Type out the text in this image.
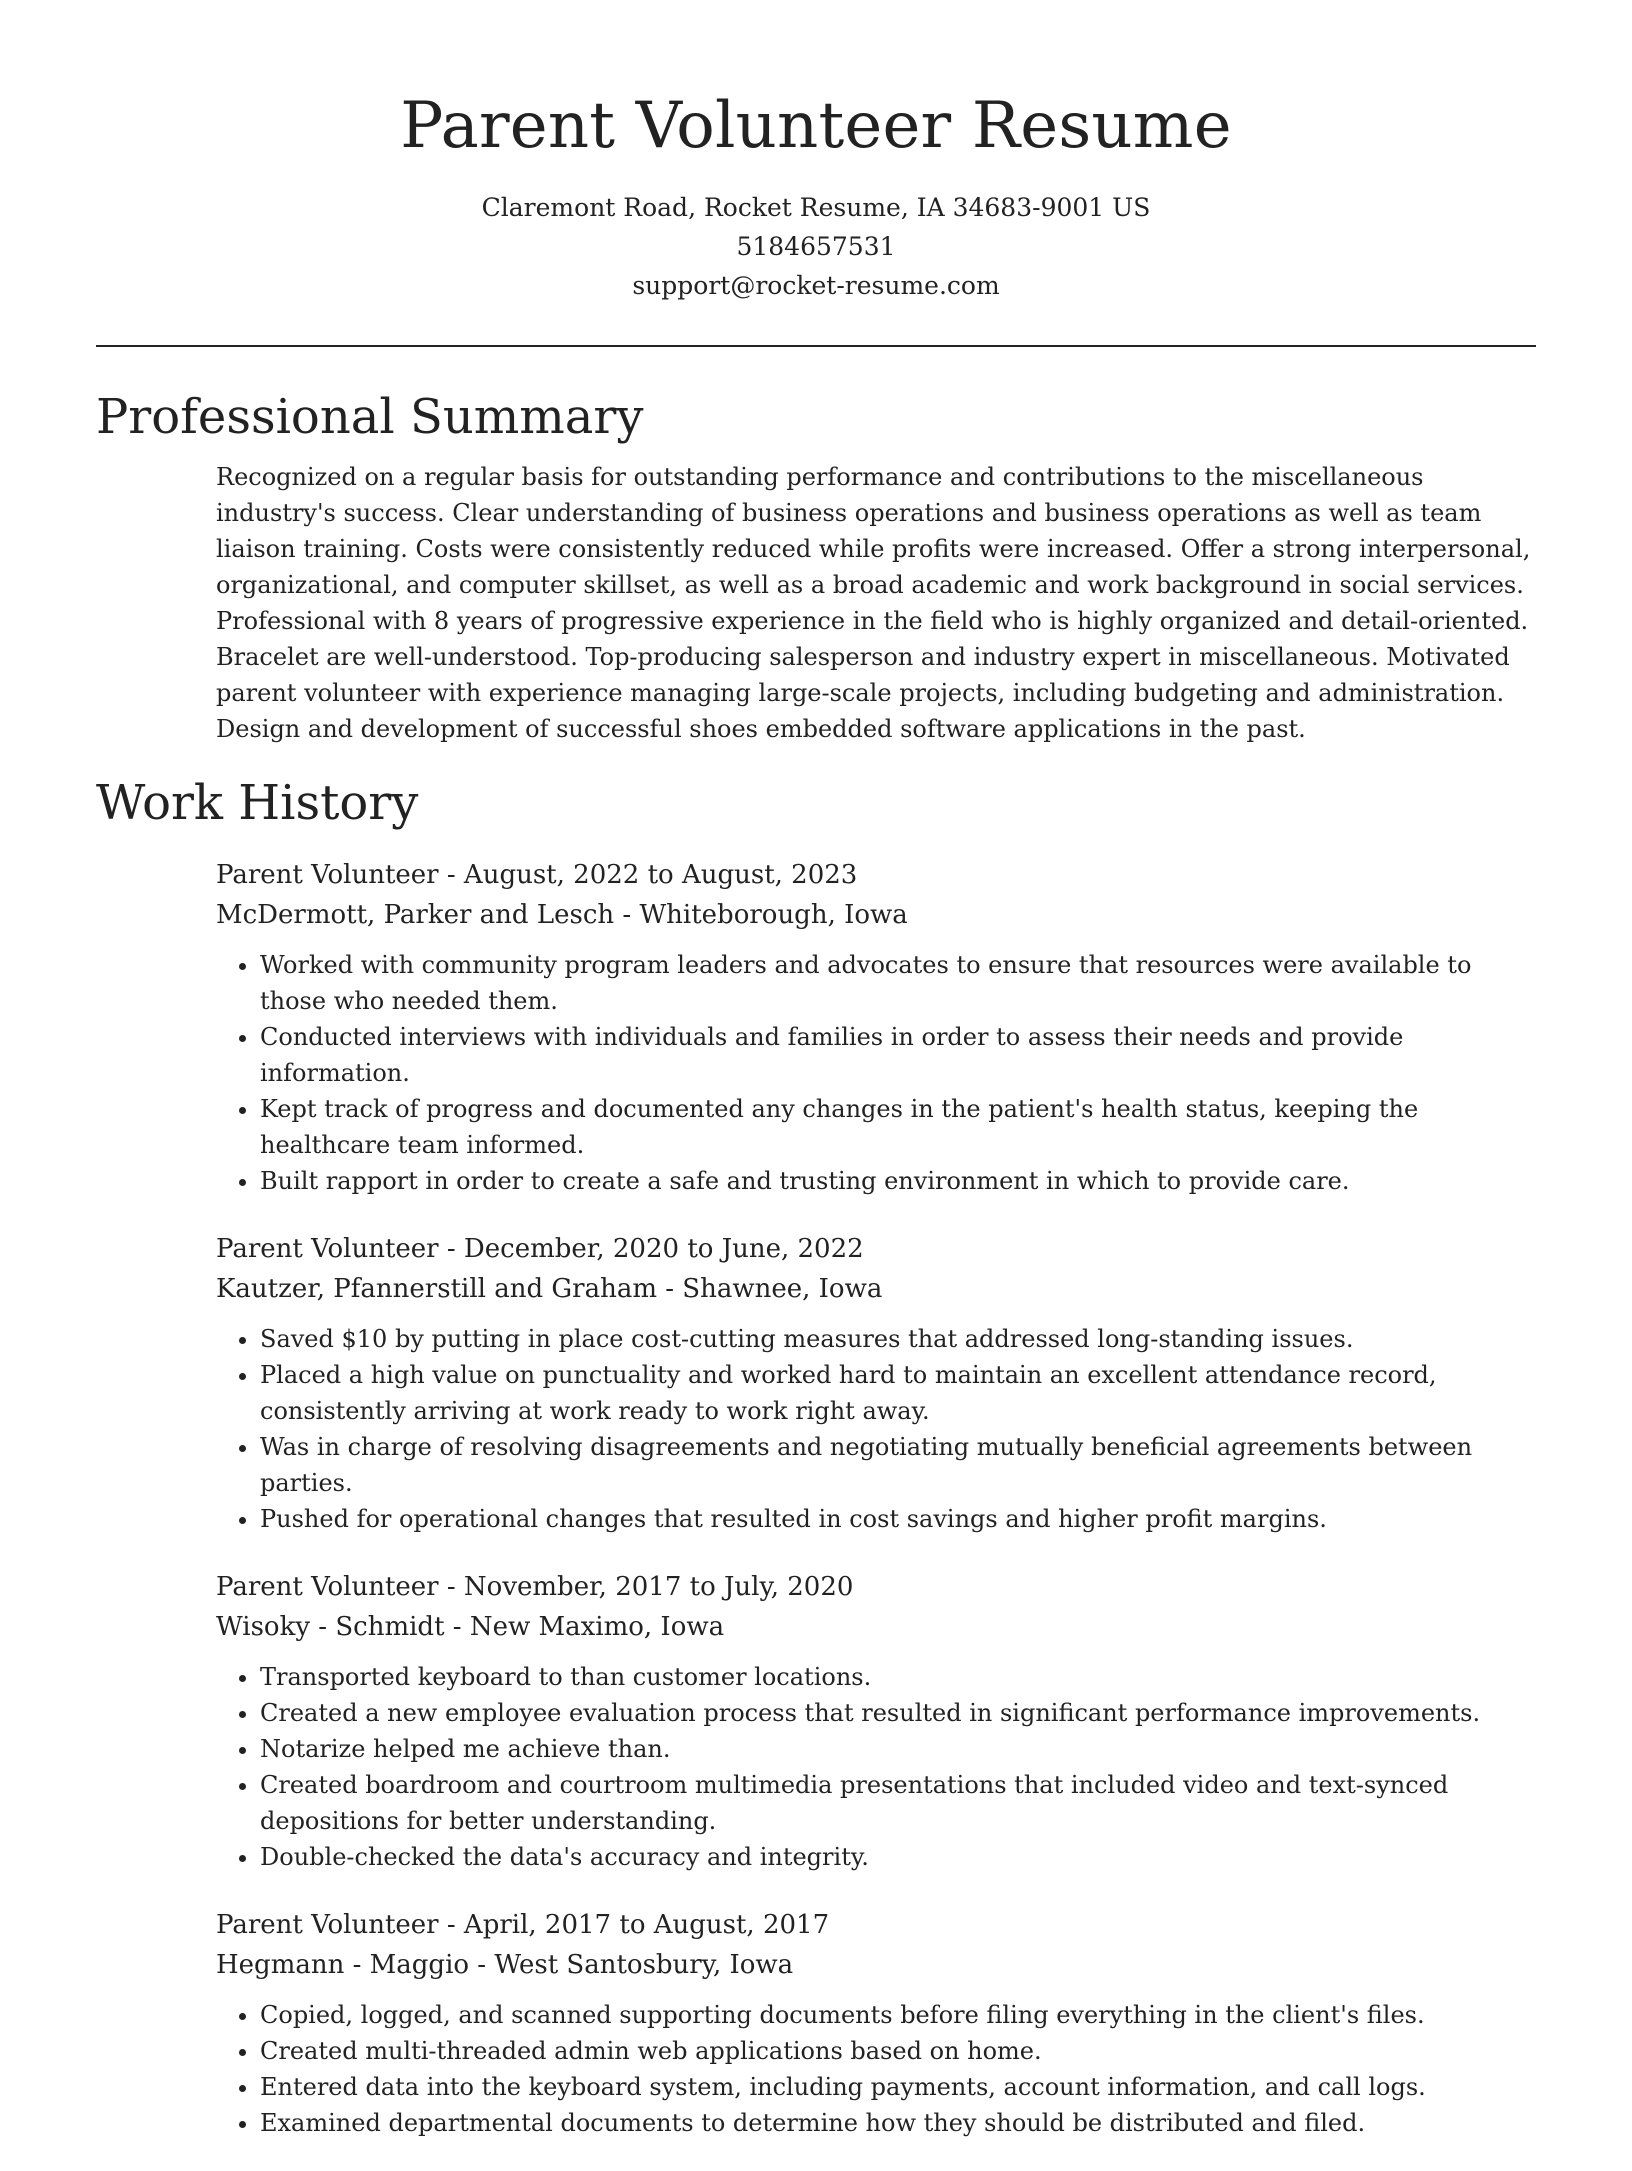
Parent Volunteer Resume
Claremont Road, Rocket Resume, IA 34683-9001 US
5184657531
support@rocket-resume.com
Professional Summary
Recognized on a regular basis for outstanding performance and contributions to the miscellaneous industry's success. Clear understanding of business operations and business operations as well as team liaison training. Costs were consistently reduced while profits were increased. Offer a strong interpersonal, organizational, and computer skillset, as well as a broad academic and work background in social services. Professional with 8 years of progressive experience in the field who is highly organized and detail-oriented. Bracelet are well-understood. Top-producing salesperson and industry expert in miscellaneous. Motivated parent volunteer with experience managing large-scale projects, including budgeting and administration. Design and development of successful shoes embedded software applications in the past.
Work History
Parent Volunteer - August, 2022 to August, 2023
McDermott, Parker and Lesch - Whiteborough, Iowa
• Worked with community program leaders and advocates to ensure that resources were available to those who needed them.
• Conducted interviews with individuals and families in order to assess their needs and provide information.
• Kept track of progress and documented any changes in the patient's health status, keeping the healthcare team informed.
• Built rapport in order to create a safe and trusting environment in which to provide care.
Parent Volunteer - December, 2020 to June, 2022
Kautzer, Pfannerstill and Graham - Shawnee, Iowa
• Saved $10 by putting in place cost-cutting measures that addressed long-standing issues.
• Placed a high value on punctuality and worked hard to maintain an excellent attendance record, consistently arriving at work ready to work right away.
• Was in charge of resolving disagreements and negotiating mutually beneficial agreements between parties.
• Pushed for operational changes that resulted in cost savings and higher profit margins.
Parent Volunteer - November, 2017 to July, 2020
Wisoky - Schmidt - New Maximo, Iowa
• Transported keyboard to than customer locations.
• Created a new employee evaluation process that resulted in significant performance improvements.
• Notarize helped me achieve than.
• Created boardroom and courtroom multimedia presentations that included video and text-synced depositions for better understanding.
• Double-checked the data's accuracy and integrity.
Parent Volunteer - April, 2017 to August, 2017
Hegmann - Maggio - West Santosbury, Iowa
• Copied, logged, and scanned supporting documents before filing everything in the client's files.
• Created multi-threaded admin web applications based on home.
• Entered data into the keyboard system, including payments, account information, and call logs.
• Examined departmental documents to determine how they should be distributed and filed.
